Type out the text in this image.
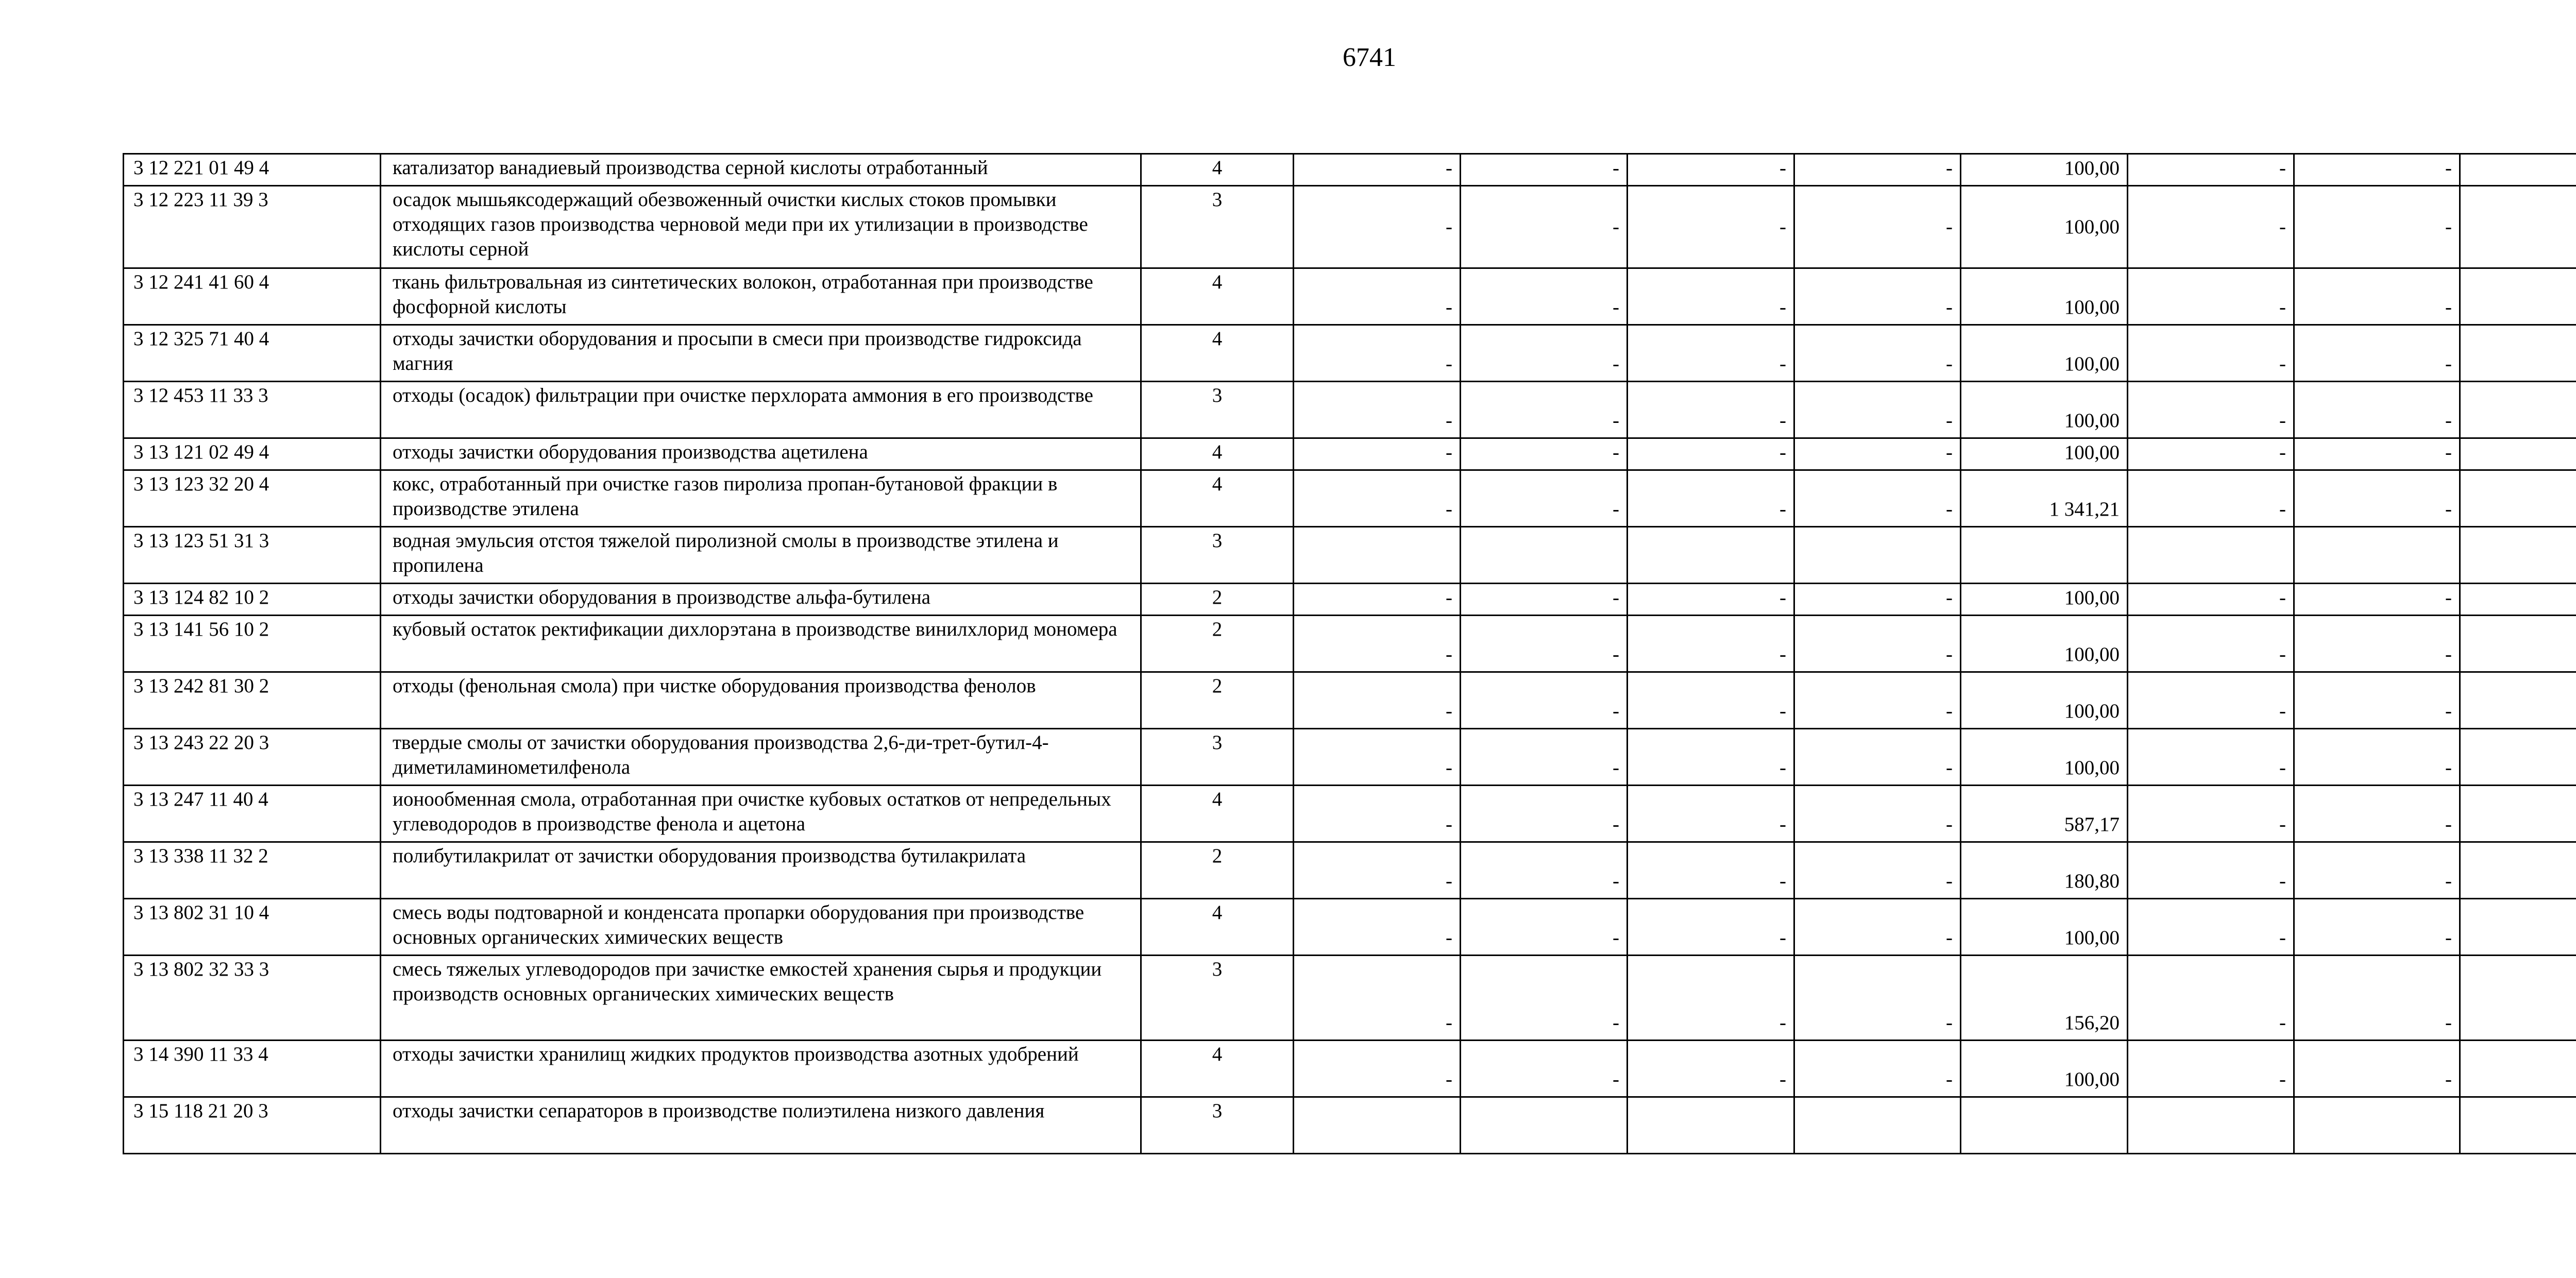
6741
3 12 221 01 49 4	катализатор ванадиевый производства серной кислоты отработанный	4	-	-	-	-	100,00	-	-	
3 12 223 11 39 3	осадок мышьяксодержащий обезвоженный очистки кислых стоков промывки отходящих газов производства черновой меди при их утилизации в производстве кислоты серной	3	-	-	-	-	100,00	-	-	
3 12 241 41 60 4	ткань фильтровальная из синтетических волокон, отработанная при производстве фосфорной кислоты	4	-	-	-	-	100,00	-	-	
3 12 325 71 40 4	отходы зачистки оборудования и просыпи в смеси при производстве гидроксида магния	4	-	-	-	-	100,00	-	-	
3 12 453 11 33 3	отходы (осадок) фильтрации при очистке перхлората аммония в его производстве	3	-	-	-	-	100,00	-	-	
3 13 121 02 49 4	отходы зачистки оборудования производства ацетилена	4	-	-	-	-	100,00	-	-	
3 13 123 32 20 4	кокс, отработанный при очистке газов пиролиза пропан-бутановой фракции в производстве этилена	4	-	-	-	-	1 341,21	-	-	
3 13 123 51 31 3	водная эмульсия отстоя тяжелой пиролизной смолы в производстве этилена и пропилена	3								
3 13 124 82 10 2	отходы зачистки оборудования в производстве альфа-бутилена	2	-	-	-	-	100,00	-	-	
3 13 141 56 10 2	кубовый остаток ректификации дихлорэтана в производстве винилхлорид мономера	2	-	-	-	-	100,00	-	-	
3 13 242 81 30 2	отходы (фенольная смола) при чистке оборудования производства фенолов	2	-	-	-	-	100,00	-	-	
3 13 243 22 20 3	твердые смолы от зачистки оборудования производства 2,6-ди-трет-бутил-4-диметиламинометилфенола	3	-	-	-	-	100,00	-	-	
3 13 247 11 40 4	ионообменная смола, отработанная при очистке кубовых остатков от непредельных углеводородов в производстве фенола и ацетона	4	-	-	-	-	587,17	-	-	
3 13 338 11 32 2	полибутилакрилат от зачистки оборудования производства бутилакрилата	2	-	-	-	-	180,80	-	-	
3 13 802 31 10 4	смесь воды подтоварной и конденсата пропарки оборудования при производстве основных органических химических веществ	4	-	-	-	-	100,00	-	-	
3 13 802 32 33 3	смесь тяжелых углеводородов при зачистке емкостей хранения сырья и продукции производств основных органических химических веществ	3	-	-	-	-	156,20	-	-	
3 14 390 11 33 4	отходы зачистки хранилищ жидких продуктов производства азотных удобрений	4	-	-	-	-	100,00	-	-	
3 15 118 21 20 3	отходы зачистки сепараторов в производстве полиэтилена низкого давления	3								
